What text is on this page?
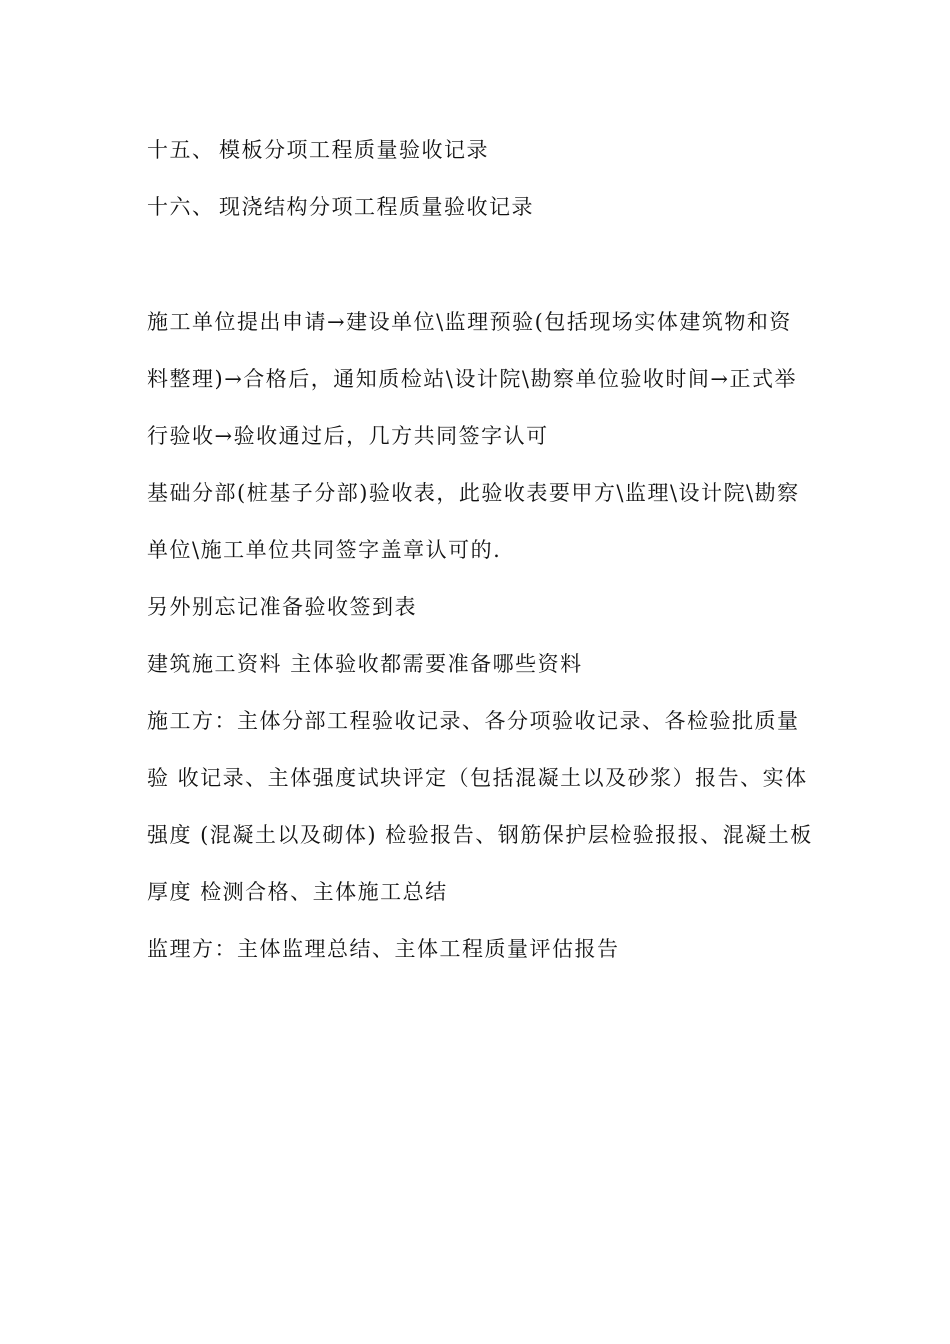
十五、 模板分项工程质量验收记录
十六、 现浇结构分项工程质量验收记录
施工单位提出申请→建设单位\监理预验(包括现场实体建筑物和资
料整理)→合格后，通知质检站\设计院\勘察单位验收时间→正式举
行验收→验收通过后，几方共同签字认可
基础分部(桩基子分部)验收表，此验收表要甲方\监理\设计院\勘察
单位\施工单位共同签字盖章认可的.
另外别忘记准备验收签到表
建筑施工资料 主体验收都需要准备哪些资料
施工方：主体分部工程验收记录、各分项验收记录、各检验批质量
验 收记录、主体强度试块评定（包括混凝土以及砂浆）报告、实体
强度 (混凝土以及砌体) 检验报告、钢筋保护层检验报报、混凝土板
厚度 检测合格、主体施工总结
监理方：主体监理总结、主体工程质量评估报告
